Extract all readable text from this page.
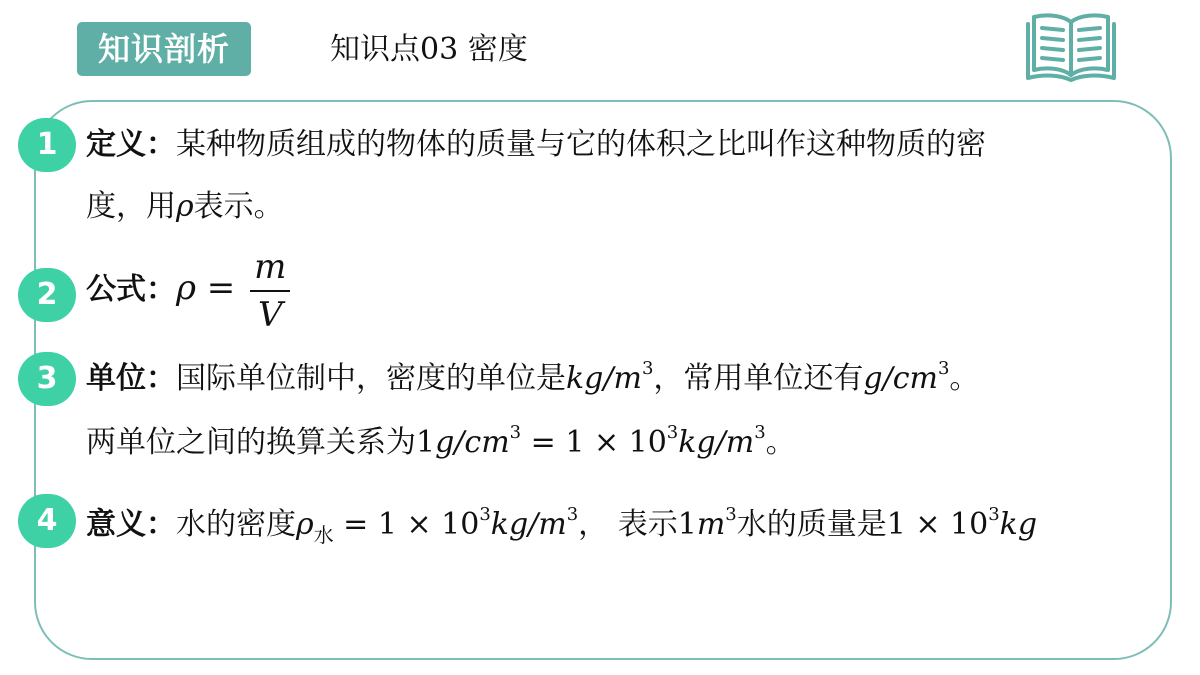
知识剖析	知识点03 密度
1 定义：某种物质组成的物体的质量与它的体积之比叫作这种物质的密
度，用ρ表示。
2 公式：$\rho = \frac{m}{V}$
3 单位：国际单位制中，密度的单位是$kg/m^3$，常用单位还有$g/cm^3$。
两单位之间的换算关系为$1g/cm^3 = 1 \times 10^3kg/m^3$。
4 意义：水的密度$\rho_水 = 1 \times 10^3kg/m^3$， 表示$1m^3$水的质量是$1 \times 10^3kg$
